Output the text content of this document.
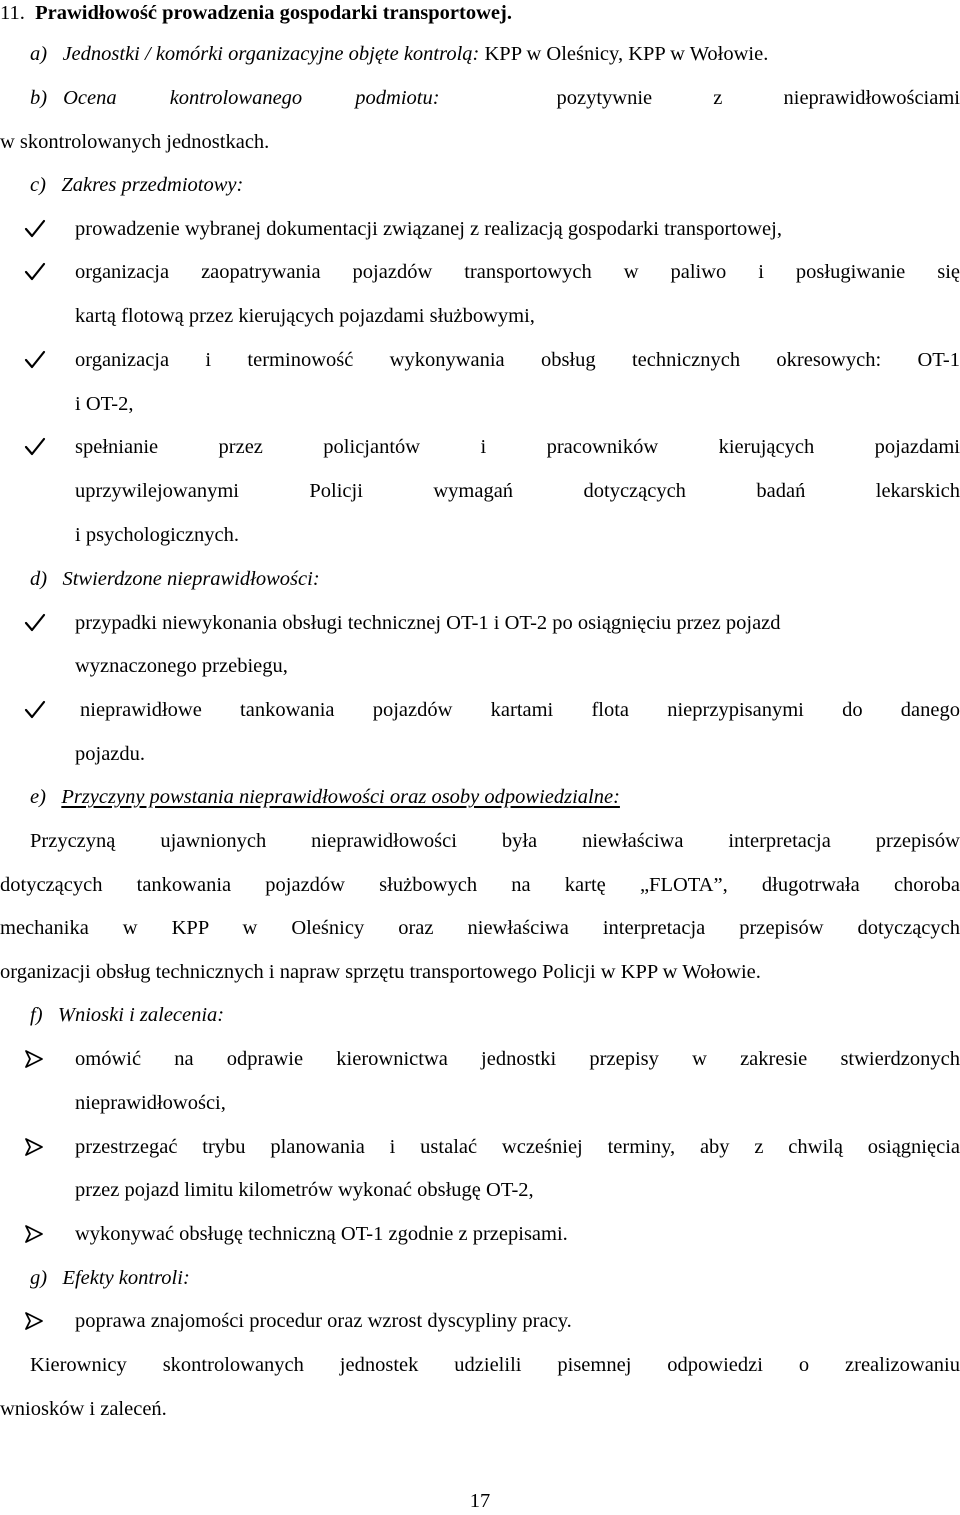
11. Prawidłowość prowadzenia gospodarki transportowej.
a) Jednostki / komórki organizacyjne objęte kontrolą: KPP w Oleśnicy, KPP w Wołowie.
b) Ocena kontrolowanego podmiotu:	pozytywnie z nieprawidłowościami
w skontrolowanych jednostkach.
c) Zakres przedmiotowy:
prowadzenie wybranej dokumentacji związanej z realizacją gospodarki transportowej,
organizacja zaopatrywania pojazdów transportowych w paliwo i posługiwanie się
kartą flotową przez kierujących pojazdami służbowymi,
organizacja i terminowość wykonywania obsług technicznych okresowych: OT-1
i OT-2,
spełnianie przez policjantów i pracowników kierujących pojazdami
uprzywilejowanymi Policji wymagań dotyczących badań lekarskich
i psychologicznych.
d) Stwierdzone nieprawidłowości:
przypadki niewykonania obsługi technicznej OT-1 i OT-2 po osiągnięciu przez pojazd
wyznaczonego przebiegu,
nieprawidłowe tankowania pojazdów kartami flota nieprzypisanymi do danego
pojazdu.
e) Przyczyny powstania nieprawidłowości oraz osoby odpowiedzialne:
Przyczyną ujawnionych nieprawidłowości była niewłaściwa interpretacja przepisów
dotyczących tankowania pojazdów służbowych na kartę „FLOTA”, długotrwała choroba
mechanika w KPP w Oleśnicy oraz niewłaściwa interpretacja przepisów dotyczących
organizacji obsług technicznych i napraw sprzętu transportowego Policji w KPP w Wołowie.
f) Wnioski i zalecenia:
omówić na odprawie kierownictwa jednostki przepisy w zakresie stwierdzonych
nieprawidłowości,
przestrzegać trybu planowania i ustalać wcześniej terminy, aby z chwilą osiągnięcia
przez pojazd limitu kilometrów wykonać obsługę OT-2,
wykonywać obsługę techniczną OT-1 zgodnie z przepisami.
g) Efekty kontroli:
poprawa znajomości procedur oraz wzrost dyscypliny pracy.
Kierownicy skontrolowanych jednostek udzielili pisemnej odpowiedzi o zrealizowaniu
wniosków i zaleceń.
17
